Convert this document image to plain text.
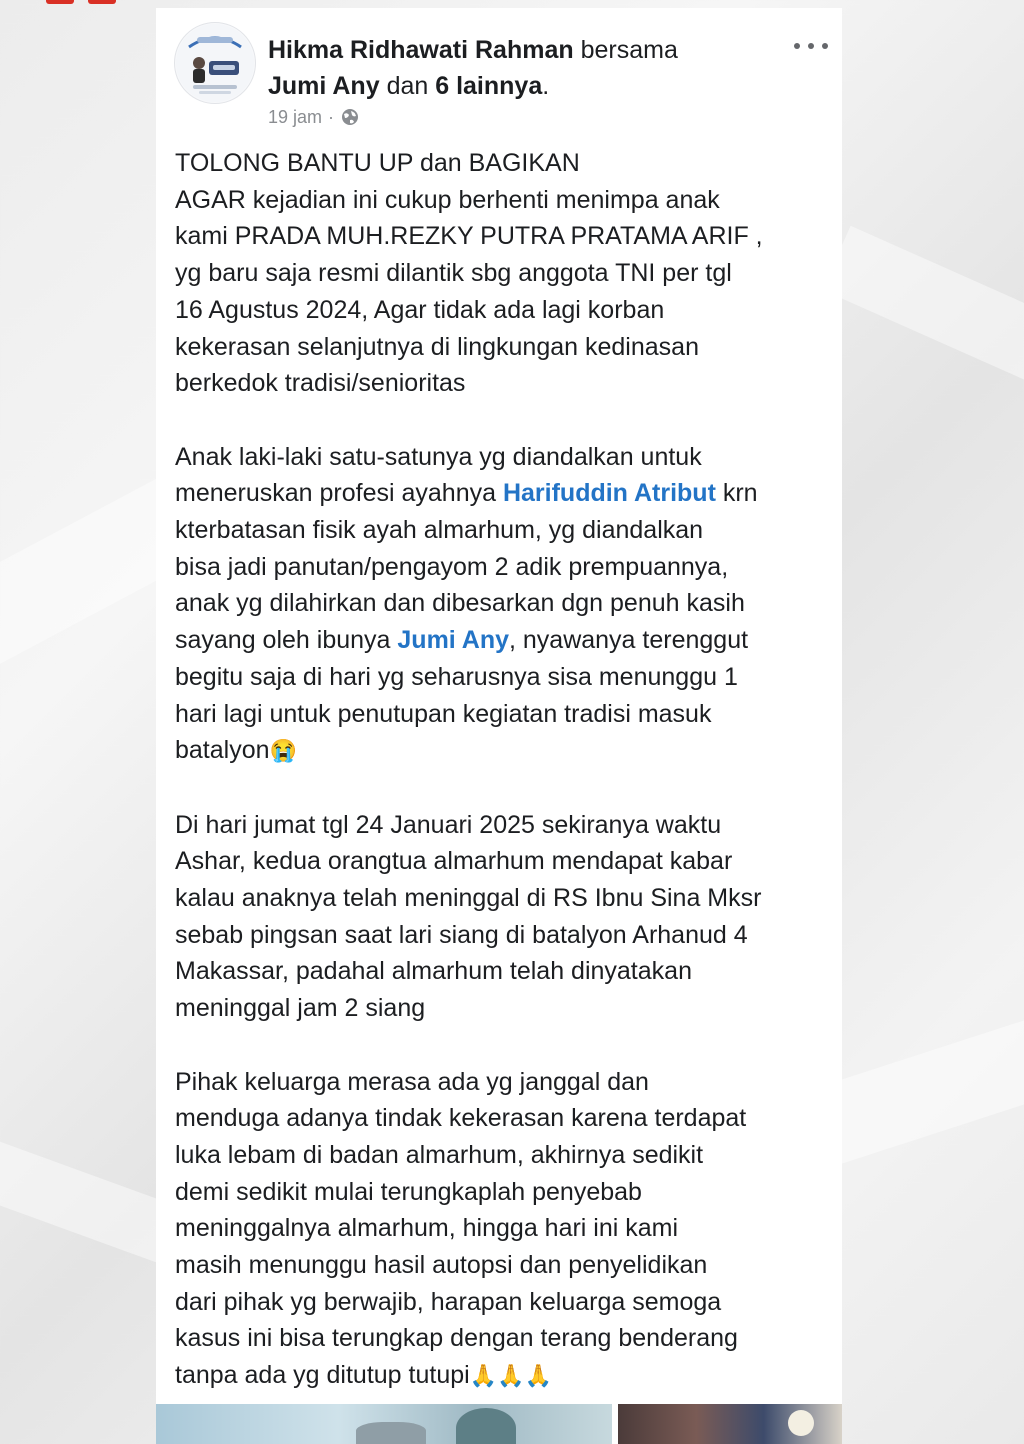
Hikma Ridhawati Rahman bersama
Jumi Any dan 6 lainnya.
19 jam ·

TOLONG BANTU UP dan BAGIKAN
AGAR kejadian ini cukup berhenti menimpa anak
kami PRADA MUH.REZKY PUTRA PRATAMA ARIF ,
yg baru saja resmi dilantik sbg anggota TNI per tgl
16 Agustus 2024, Agar tidak ada lagi korban
kekerasan selanjutnya di lingkungan kedinasan
berkedok tradisi/senioritas

Anak laki-laki satu-satunya yg diandalkan untuk
meneruskan profesi ayahnya Harifuddin Atribut krn
kterbatasan fisik ayah almarhum, yg diandalkan
bisa jadi panutan/pengayom 2 adik prempuannya,
anak yg dilahirkan dan dibesarkan dgn penuh kasih
sayang oleh ibunya Jumi Any, nyawanya terenggut
begitu saja di hari yg seharusnya sisa menunggu 1
hari lagi untuk penutupan kegiatan tradisi masuk
batalyon😭

Di hari jumat tgl 24 Januari 2025 sekiranya waktu
Ashar, kedua orangtua almarhum mendapat kabar
kalau anaknya telah meninggal di RS Ibnu Sina Mksr
sebab pingsan saat lari siang di batalyon Arhanud 4
Makassar, padahal almarhum telah dinyatakan
meninggal jam 2 siang

Pihak keluarga merasa ada yg janggal dan
menduga adanya tindak kekerasan karena terdapat
luka lebam di badan almarhum, akhirnya sedikit
demi sedikit mulai terungkaplah penyebab
meninggalnya almarhum, hingga hari ini kami
masih menunggu hasil autopsi dan penyelidikan
dari pihak yg berwajib, harapan keluarga semoga
kasus ini bisa terungkap dengan terang benderang
tanpa ada yg ditutup tutupi🙏🙏🙏
